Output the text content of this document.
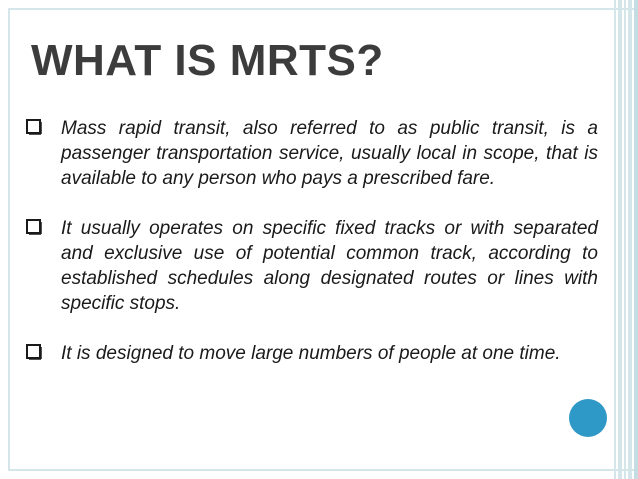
WHAT IS MRTS?
Mass rapid transit, also referred to as public transit, is a passenger transportation service, usually local in scope, that is available to any person who pays a prescribed fare.
It usually operates on specific fixed tracks or with separated and exclusive use of potential common track, according to established schedules along designated routes or lines with specific stops.
It is designed to move large numbers of people at one time.
